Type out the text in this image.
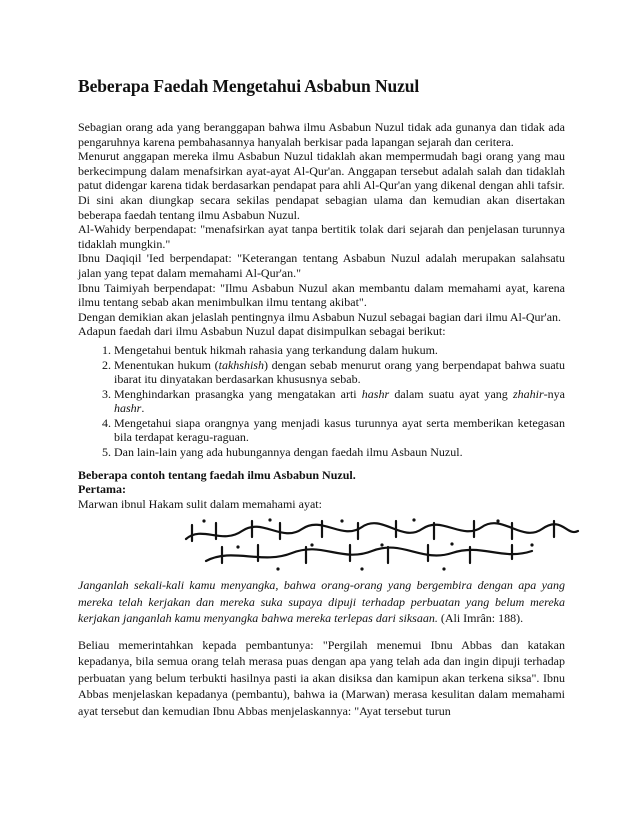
Beberapa Faedah Mengetahui Asbabun Nuzul

Sebagian orang ada yang beranggapan bahwa ilmu Asbabun Nuzul tidak ada gunanya dan tidak ada pengaruhnya karena pembahasannya hanyalah berkisar pada lapangan sejarah dan ceritera.

Menurut anggapan mereka ilmu Asbabun Nuzul tidaklah akan mempermudah bagi orang yang mau berkecimpung dalam menafsirkan ayat-ayat Al-Qur'an. Anggapan tersebut adalah salah dan tidaklah patut didengar karena tidak berdasarkan pendapat para ahli Al-Qur'an yang dikenal dengan ahli tafsir.

Di sini akan diungkap secara sekilas pendapat sebagian ulama dan kemudian akan disertakan beberapa faedah tentang ilmu Asbabun Nuzul.

Al-Wahidy berpendapat: "menafsirkan ayat tanpa bertitik tolak dari sejarah dan penjelasan turunnya tidaklah mungkin."

Ibnu Daqiqil 'Ied berpendapat: "Keterangan tentang Asbabun Nuzul adalah merupakan salahsatu jalan yang tepat dalam memahami Al-Qur'an."

Ibnu Taimiyah berpendapat: "Ilmu Asbabun Nuzul akan membantu dalam memahami ayat, karena ilmu tentang sebab akan menimbulkan ilmu tentang akibat".

Dengan demikian akan jelaslah pentingnya ilmu Asbabun Nuzul sebagai bagian dari ilmu Al-Qur'an.

Adapun faedah dari ilmu Asbabun Nuzul dapat disimpulkan sebagai berikut:

1. Mengetahui bentuk hikmah rahasia yang terkandung dalam hukum.
2. Menentukan hukum (takhshish) dengan sebab menurut orang yang berpendapat bahwa suatu ibarat itu dinyatakan berdasarkan khususnya sebab.
3. Menghindarkan prasangka yang mengatakan arti hashr dalam suatu ayat yang zhahir-nya hashr.
4. Mengetahui siapa orangnya yang menjadi kasus turunnya ayat serta memberikan ketegasan bila terdapat keragu-raguan.
5. Dan lain-lain yang ada hubungannya dengan faedah ilmu Asbaun Nuzul.

Beberapa contoh tentang faedah ilmu Asbabun Nuzul.

Pertama:

Marwan ibnul Hakam sulit dalam memahami ayat:

Janganlah sekali-kali kamu menyangka, bahwa orang-orang yang bergembira dengan apa yang mereka telah kerjakan dan mereka suka supaya dipuji terhadap perbuatan yang belum mereka kerjakan janganlah kamu menyangka bahwa mereka terlepas dari siksaan. (Ali Imrân: 188).

Beliau memerintahkan kepada pembantunya: "Pergilah menemui Ibnu Abbas dan katakan kepadanya, bila semua orang telah merasa puas dengan apa yang telah ada dan ingin dipuji terhadap perbuatan yang belum terbukti hasilnya pasti ia akan disiksa dan kamipun akan terkena siksa". Ibnu Abbas menjelaskan kepadanya (pembantu), bahwa ia (Marwan) merasa kesulitan dalam memahami ayat tersebut dan kemudian Ibnu Abbas menjelaskannya: "Ayat tersebut turun
